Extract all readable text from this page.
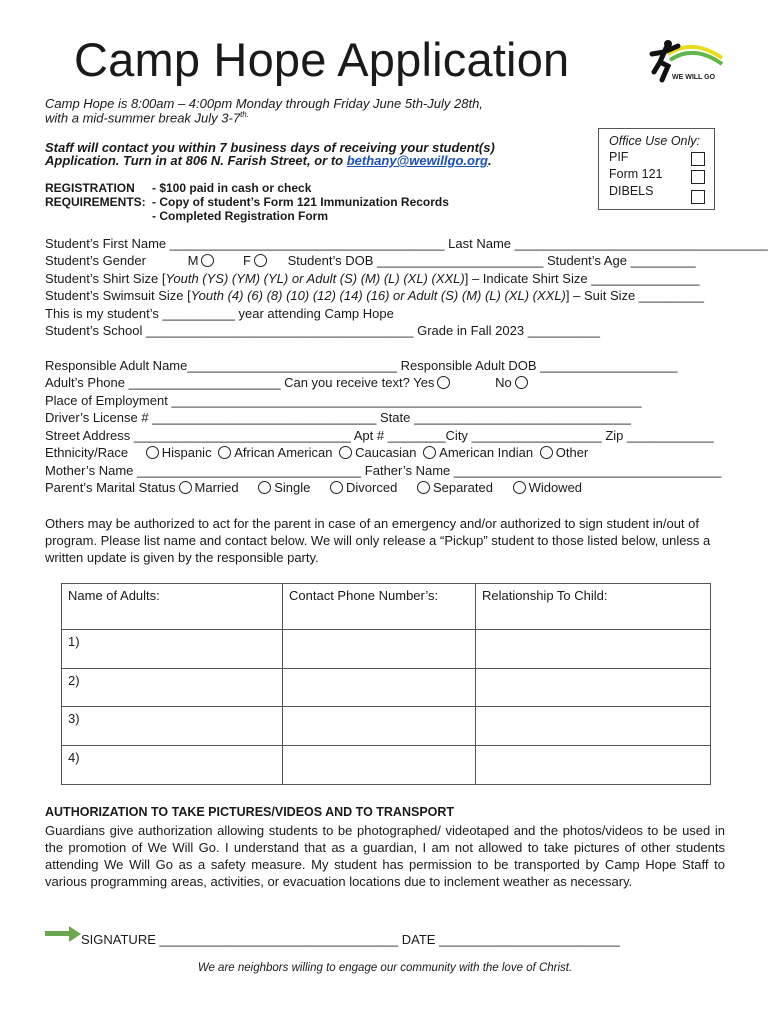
Camp Hope Application	WE WILL GO
Camp Hope is 8:00am – 4:00pm Monday through Friday June 5th-July 28th,
with a mid-summer break July $3-7^{th.}$
Staff will contact you within 7 business days of receiving your student(s)
Application. Turn in at 806 N. Farish Street, or to bethany@wewillgo.org.
Office Use Only:
PIF
Form 121
DIBELS
REGISTRATION
REQUIREMENTS:
- $100 paid in cash or check
- Copy of student’s Form 121 Immunization Records
- Completed Registration Form
Student’s First Name ______________________________________ Last Name ___________________________________
Student’s Gender	M	F	Student’s DOB _______________________ Student’s Age _________
Student’s Shirt Size [Youth (YS) (YM) (YL) or Adult (S) (M) (L) (XL) (XXL)] – Indicate Shirt Size _______________
Student’s Swimsuit Size [Youth (4) (6) (8) (10) (12) (14) (16) or Adult (S) (M) (L) (XL) (XXL)] – Suit Size _________
This is my student’s __________ year attending Camp Hope
Student’s School _____________________________________ Grade in Fall 2023 __________
Responsible Adult Name_____________________________ Responsible Adult DOB ___________________
Adult’s Phone _____________________ Can you receive text? Yes	No
Place of Employment _________________________________________________________________
Driver’s License # _______________________________ State ______________________________
Street Address ______________________________ Apt # ________City __________________ Zip ____________
Ethnicity/Race	Hispanic African American Caucasian American Indian Other
Mother’s Name _______________________________ Father’s Name _____________________________________
Parent’s Marital Status Married	Single	Divorced	Separated	Widowed
Others may be authorized to act for the parent in case of an emergency and/or authorized to sign student in/out of program. Please list name and contact below. We will only release a “Pickup” student to those listed below, unless a written update is given by the responsible party.
Name of Adults:	Contact Phone Number’s:	Relationship To Child:
1)		
2)		
3)		
4)		
AUTHORIZATION TO TAKE PICTURES/VIDEOS AND TO TRANSPORT
Guardians give authorization allowing students to be photographed/ videotaped and the photos/videos to be used in the promotion of We Will Go. I understand that as a guardian, I am not allowed to take pictures of other students attending We Will Go as a safety measure. My student has permission to be transported by Camp Hope Staff to various programming areas, activities, or evacuation locations due to inclement weather as necessary.
SIGNATURE _________________________________ DATE _________________________
We are neighbors willing to engage our community with the love of Christ.
